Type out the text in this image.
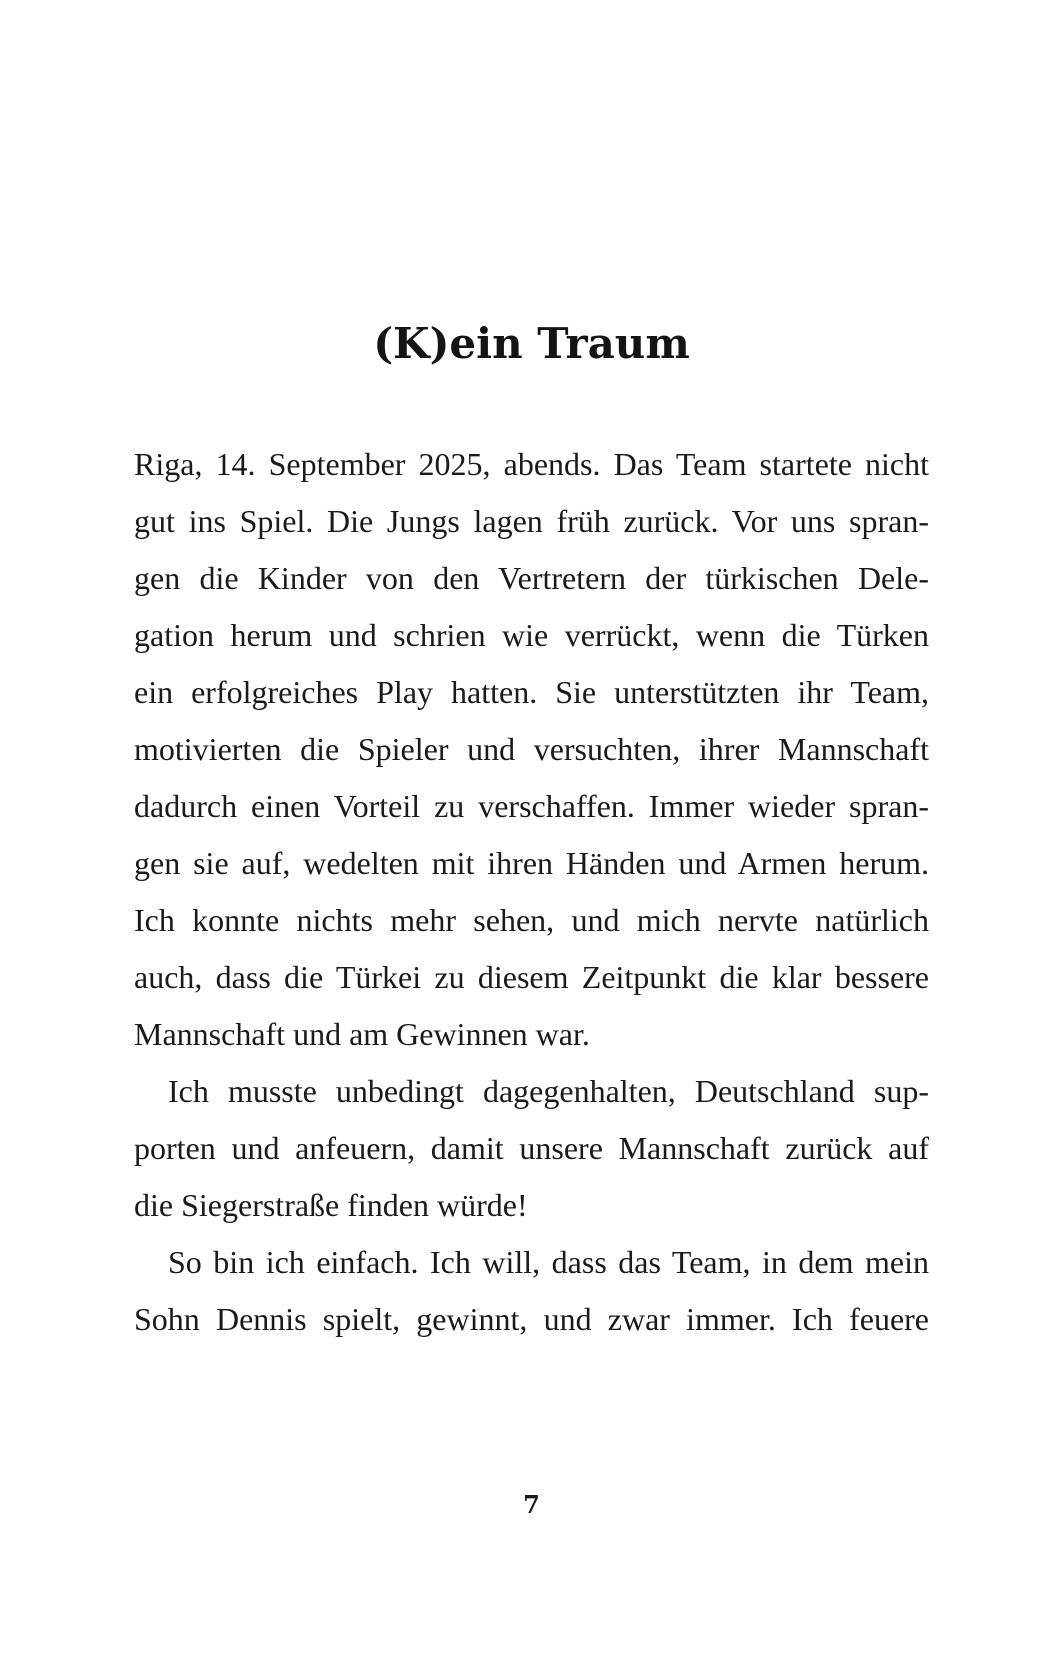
(K)ein Traum
Riga, 14. September 2025, abends. Das Team startete nicht
gut ins Spiel. Die Jungs lagen früh zurück. Vor uns spran-
gen die Kinder von den Vertretern der türkischen Dele-
gation herum und schrien wie verrückt, wenn die Türken
ein erfolgreiches Play hatten. Sie unterstützten ihr Team,
motivierten die Spieler und versuchten, ihrer Mannschaft
dadurch einen Vorteil zu verschaffen. Immer wieder spran-
gen sie auf, wedelten mit ihren Händen und Armen herum.
Ich konnte nichts mehr sehen, und mich nervte natürlich
auch, dass die Türkei zu diesem Zeitpunkt die klar bessere
Mannschaft und am Gewinnen war.
Ich musste unbedingt dagegenhalten, Deutschland sup-
porten und anfeuern, damit unsere Mannschaft zurück auf
die Siegerstraße finden würde!
So bin ich einfach. Ich will, dass das Team, in dem mein
Sohn Dennis spielt, gewinnt, und zwar immer. Ich feuere
7
